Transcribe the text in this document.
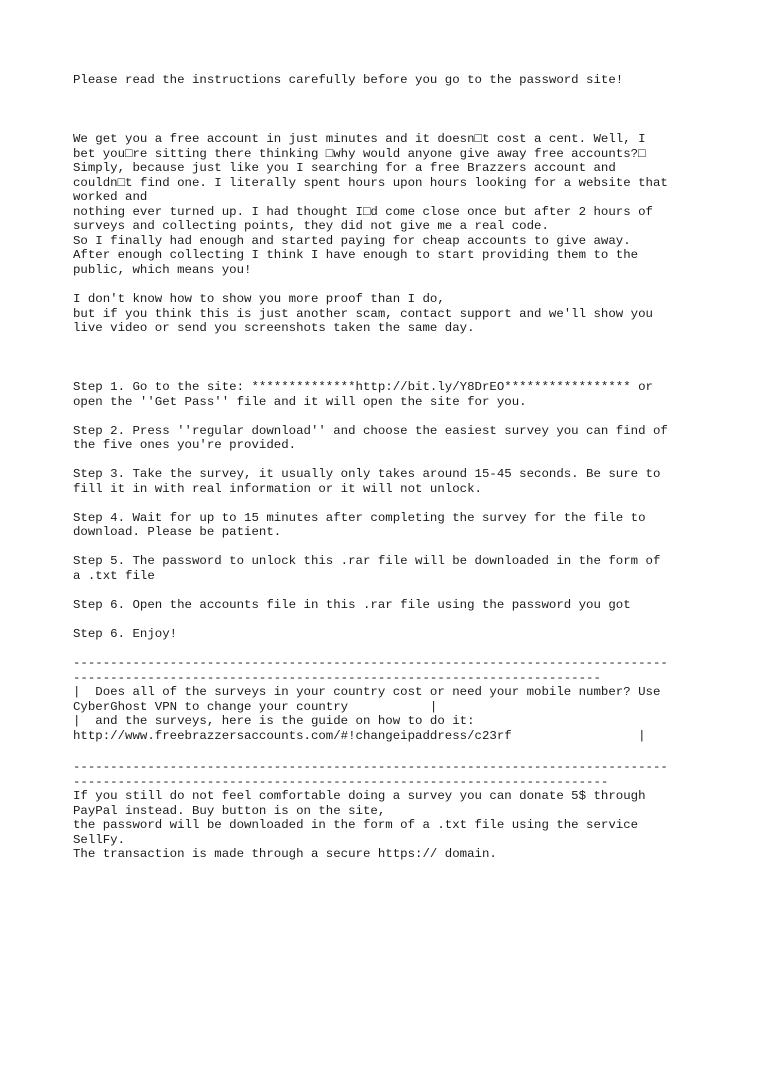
Please read the instructions carefully before you go to the password site!
We get you a free account in just minutes and it doesn□t cost a cent. Well, I
bet you□re sitting there thinking □why would anyone give away free accounts?□
Simply, because just like you I searching for a free Brazzers account and
couldn□t find one. I literally spent hours upon hours looking for a website that
worked and
nothing ever turned up. I had thought I□d come close once but after 2 hours of
surveys and collecting points, they did not give me a real code.
So I finally had enough and started paying for cheap accounts to give away.
After enough collecting I think I have enough to start providing them to the
public, which means you!
I don't know how to show you more proof than I do,
but if you think this is just another scam, contact support and we'll show you
live video or send you screenshots taken the same day.
Step 1. Go to the site: **************http://bit.ly/Y8DrEO***************** or
open the ''Get Pass'' file and it will open the site for you.
Step 2. Press ''regular download'' and choose the easiest survey you can find of
the five ones you're provided.
Step 3. Take the survey, it usually only takes around 15-45 seconds. Be sure to
fill it in with real information or it will not unlock.
Step 4. Wait for up to 15 minutes after completing the survey for the file to
download. Please be patient.
Step 5. The password to unlock this .rar file will be downloaded in the form of
a .txt file
Step 6. Open the accounts file in this .rar file using the password you got
Step 6. Enjoy!
--------------------------------------------------------------------------------
-----------------------------------------------------------------------
|  Does all of the surveys in your country cost or need your mobile number? Use
CyberGhost VPN to change your country           |
|  and the surveys, here is the guide on how to do it:
http://www.freebrazzersaccounts.com/#!changeipaddress/c23rf                 |
--------------------------------------------------------------------------------
------------------------------------------------------------------------
If you still do not feel comfortable doing a survey you can donate 5$ through
PayPal instead. Buy button is on the site,
the password will be downloaded in the form of a .txt file using the service
SellFy.
The transaction is made through a secure https:// domain.
